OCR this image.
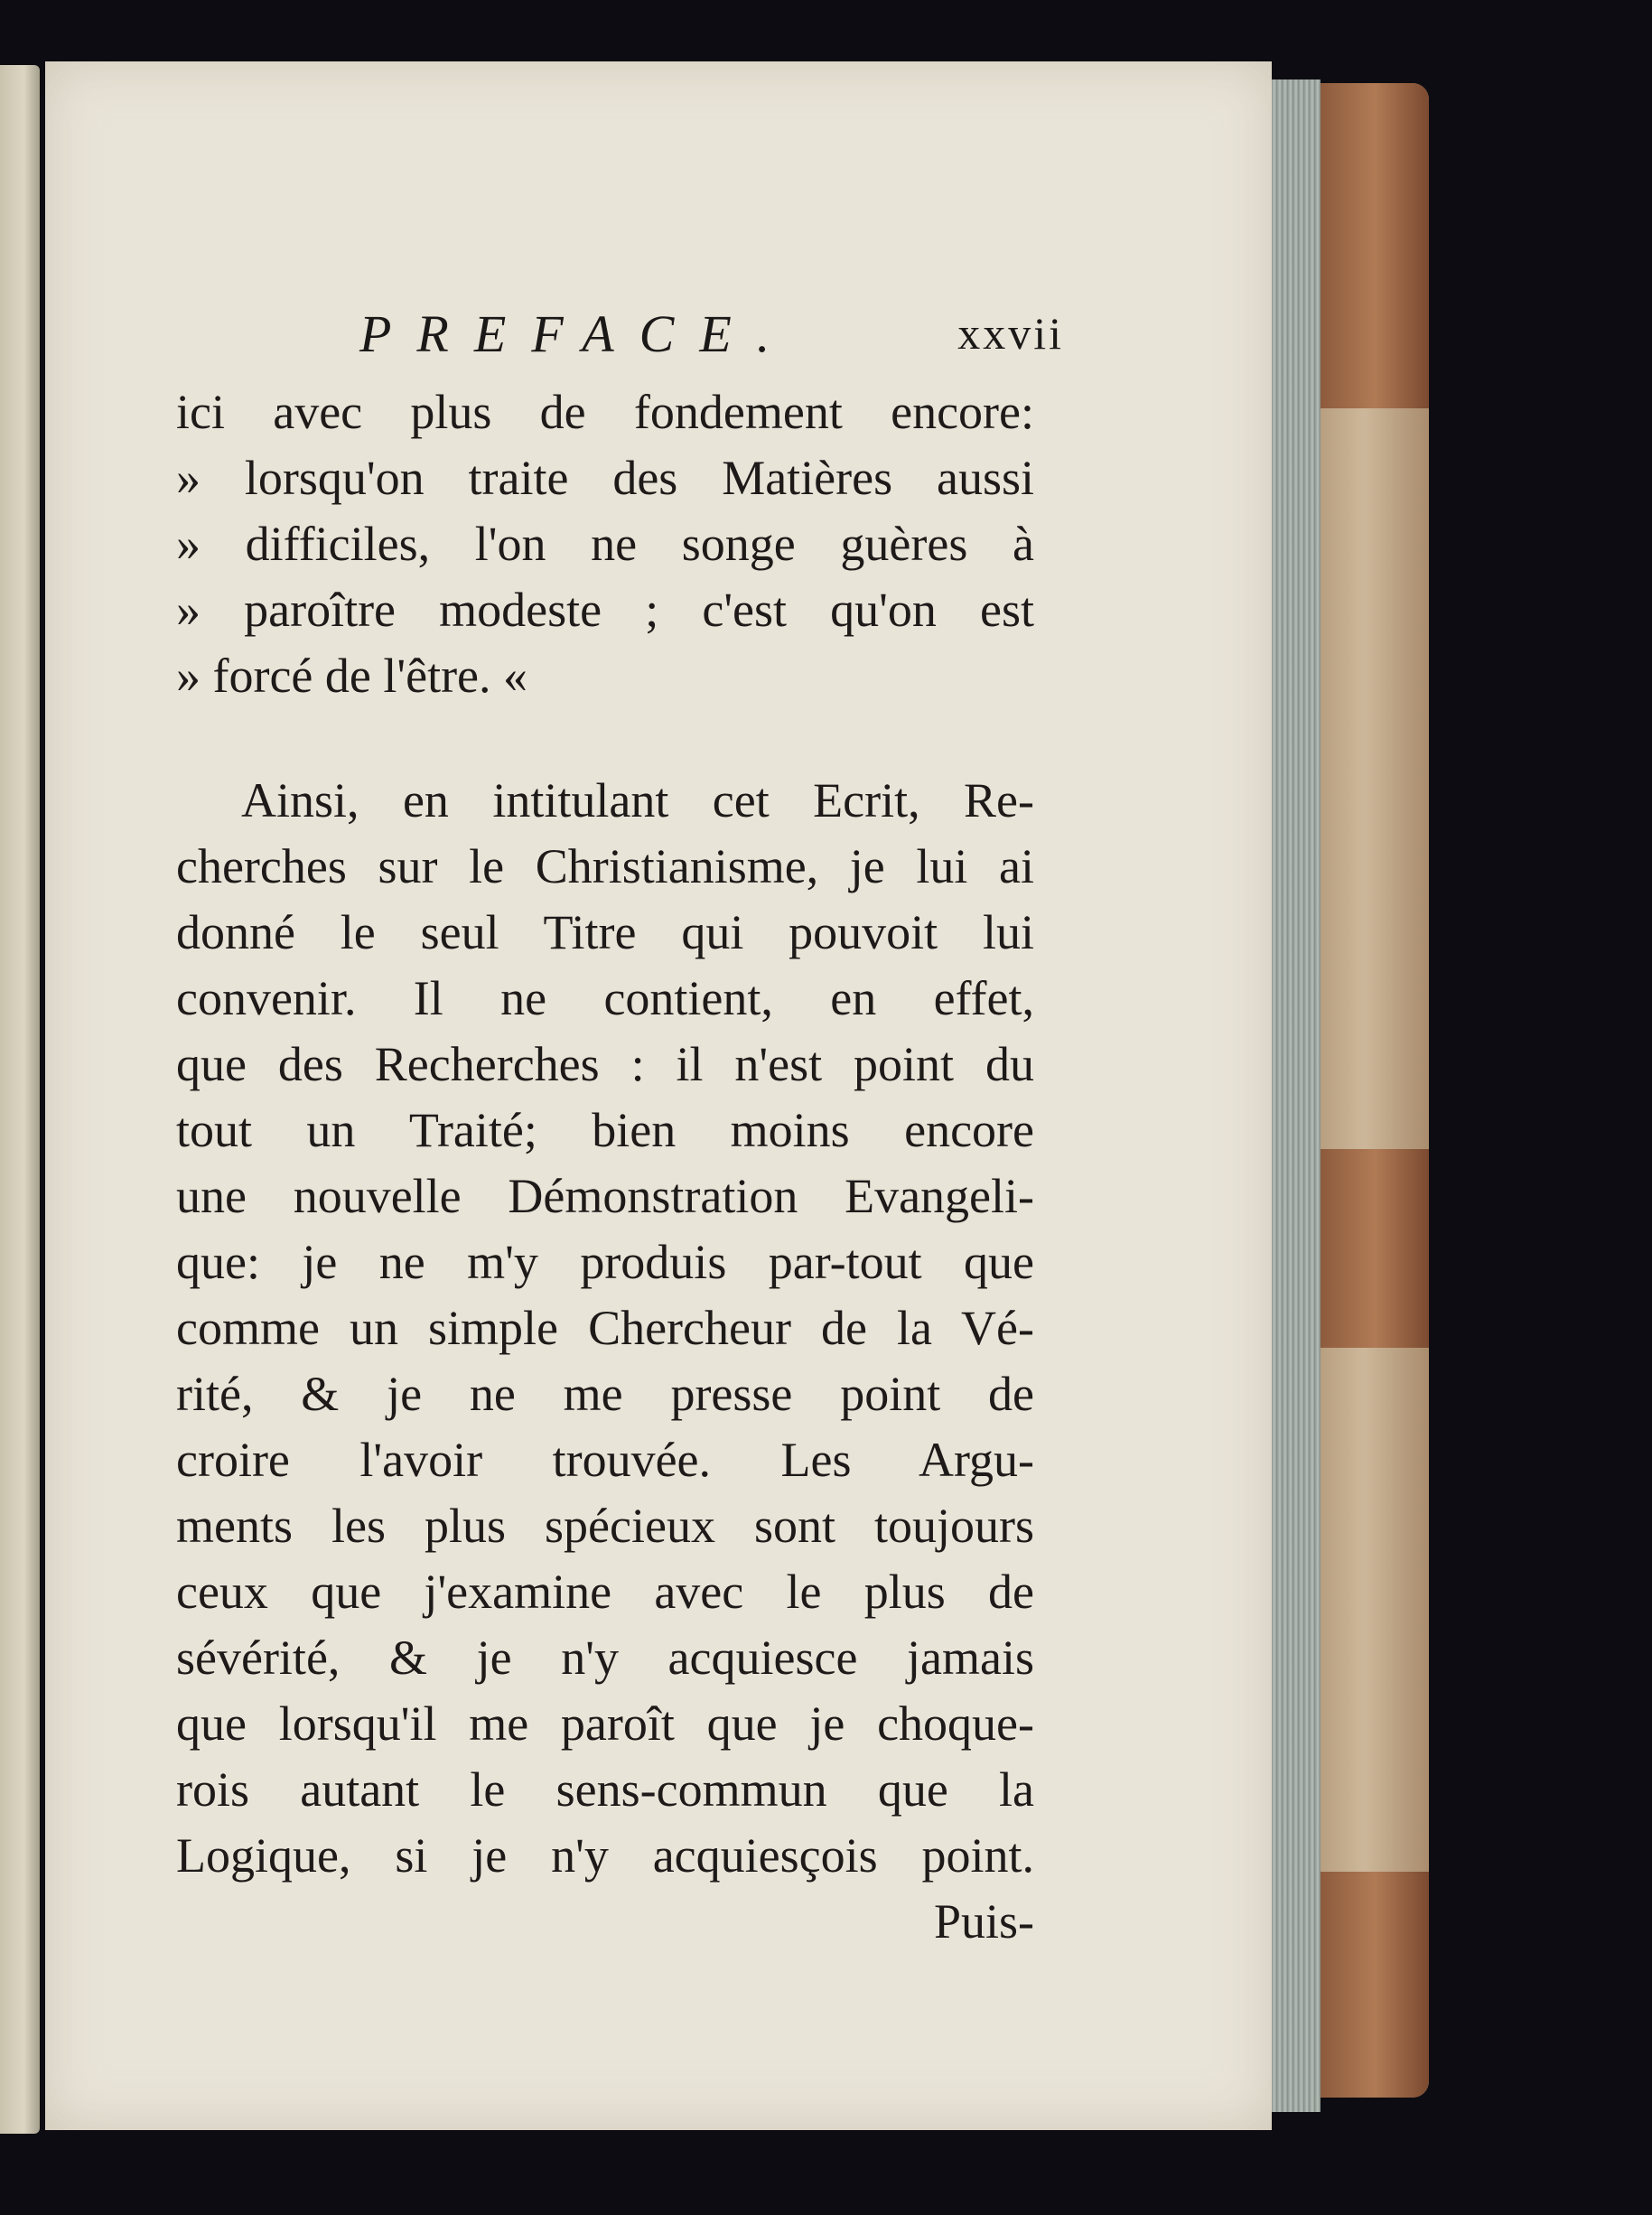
PREFACE.	xxvii
ici avec plus de fondement encore:
» lorsqu'on traite des Matières aussi
» difficiles, l'on ne songe guères à
» paroître modeste ; c'est qu'on est
» forcé de l'être. «
Ainsi, en intitulant cet Ecrit, Re-
cherches sur le Christianisme, je lui ai
donné le seul Titre qui pouvoit lui
convenir. Il ne contient, en effet,
que des Recherches : il n'est point du
tout un Traité; bien moins encore
une nouvelle Démonstration Evangeli-
que: je ne m'y produis par-tout que
comme un simple Chercheur de la Vé-
rité, & je ne me presse point de
croire l'avoir trouvée. Les Argu-
ments les plus spécieux sont toujours
ceux que j'examine avec le plus de
sévérité, & je n'y acquiesce jamais
que lorsqu'il me paroît que je choque-
rois autant le sens-commun que la
Logique, si je n'y acquiesçois point.
Puis-
